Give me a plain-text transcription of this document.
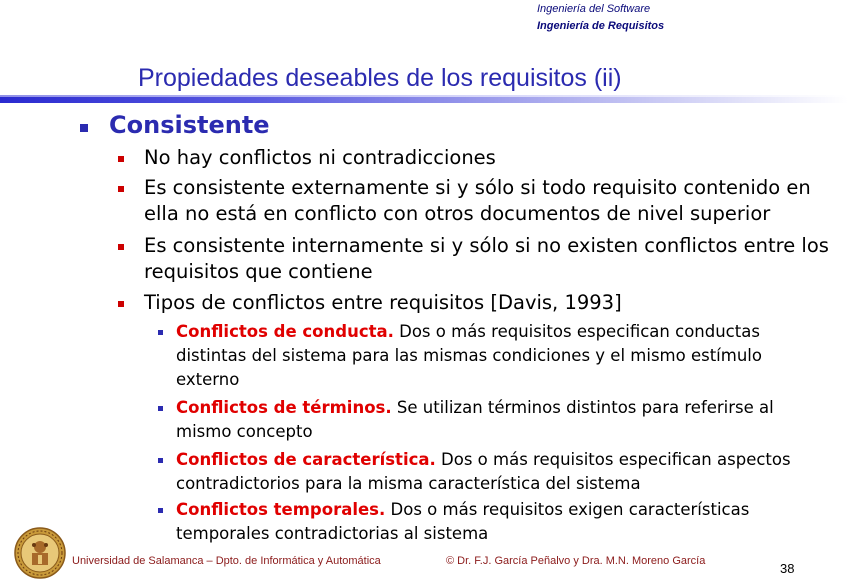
Ingeniería del Software
Ingeniería de Requisitos
Propiedades deseables de los requisitos (ii)
Consistente
No hay conflictos ni contradicciones
Es consistente externamente si y sólo si todo requisito contenido en
ella no está en conflicto con otros documentos de nivel superior
Es consistente internamente si y sólo si no existen conflictos entre los
requisitos que contiene
Tipos de conflictos entre requisitos [Davis, 1993]
Conflictos de conducta. Dos o más requisitos especifican conductas
distintas del sistema para las mismas condiciones y el mismo estímulo
externo
Conflictos de términos. Se utilizan términos distintos para referirse al
mismo concepto
Conflictos de característica. Dos o más requisitos especifican aspectos
contradictorios para la misma característica del sistema
Conflictos temporales. Dos o más requisitos exigen características
temporales contradictorias al sistema
Universidad de Salamanca – Dpto. de Informática y Automática	© Dr. F.J. García Peñalvo y Dra. M.N. Moreno García	38
